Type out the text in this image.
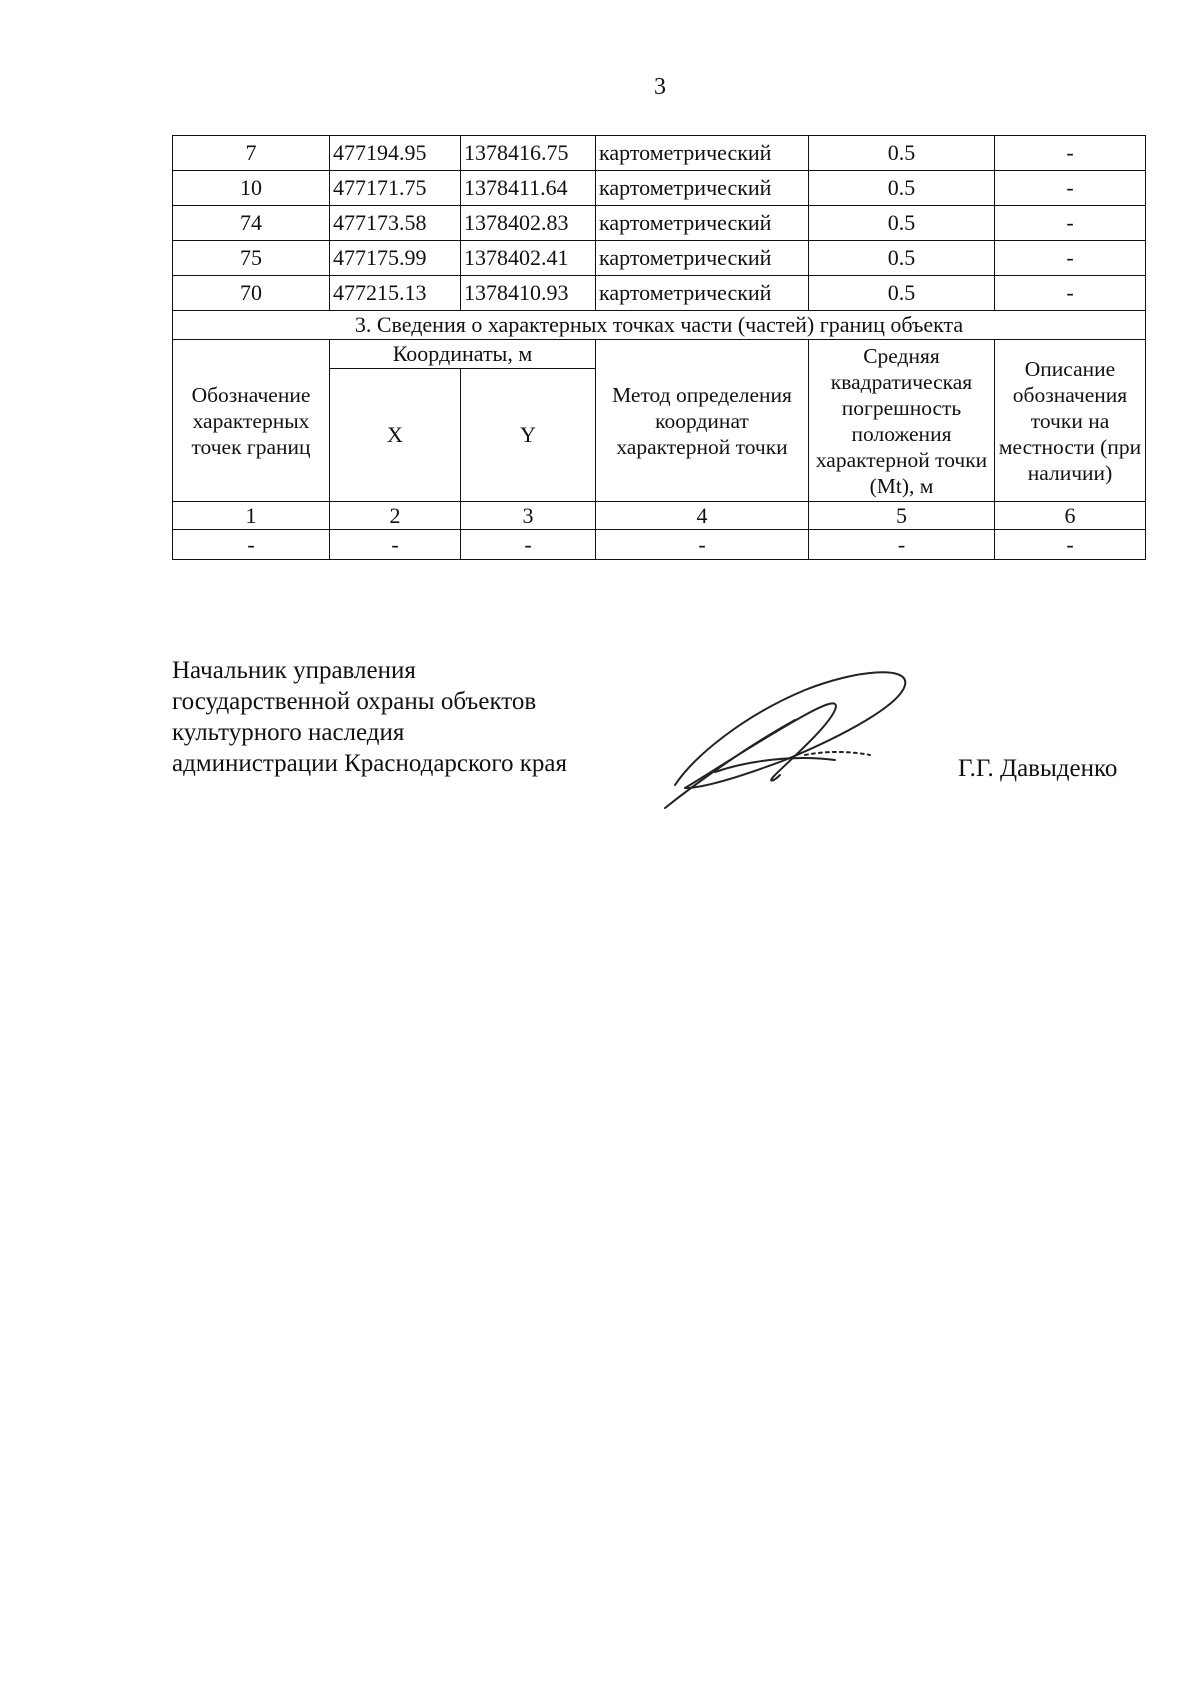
3
7	477194.95	1378416.75	картометрический	0.5	-
10	477171.75	1378411.64	картометрический	0.5	-
74	477173.58	1378402.83	картометрический	0.5	-
75	477175.99	1378402.41	картометрический	0.5	-
70	477215.13	1378410.93	картометрический	0.5	-
3. Сведения о характерных точках части (частей) границ объекта					
Обозначение характерных точек границ	Координаты, м		Метод определения координат характерной точки	Средняя квадратическая погрешность положения характерной точки (Mt), м	Описание обозначения точки на местности (при наличии)
	X	Y			
1	2	3	4	5	6
-	-	-	-	-	-
Начальник управления
государственной охраны объектов
культурного наследия
администрации Краснодарского края	Г.Г. Давыденко
